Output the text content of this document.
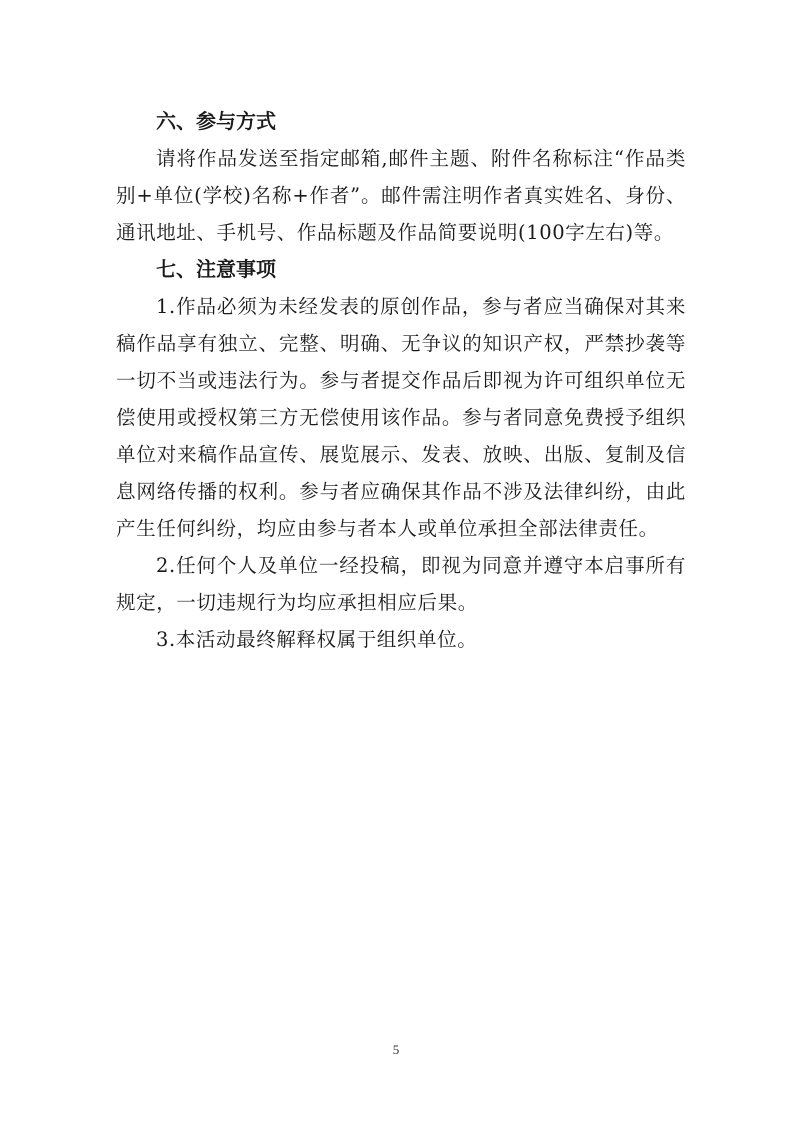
六、参与方式

请将作品发送至指定邮箱,邮件主题、附件名称标注“作品类别+单位(学校)名称+作者”。邮件需注明作者真实姓名、身份、通讯地址、手机号、作品标题及作品简要说明(100字左右)等。

七、注意事项

1.作品必须为未经发表的原创作品，参与者应当确保对其来稿作品享有独立、完整、明确、无争议的知识产权，严禁抄袭等一切不当或违法行为。参与者提交作品后即视为许可组织单位无偿使用或授权第三方无偿使用该作品。参与者同意免费授予组织单位对来稿作品宣传、展览展示、发表、放映、出版、复制及信息网络传播的权利。参与者应确保其作品不涉及法律纠纷，由此产生任何纠纷，均应由参与者本人或单位承担全部法律责任。

2.任何个人及单位一经投稿，即视为同意并遵守本启事所有规定，一切违规行为均应承担相应后果。

3.本活动最终解释权属于组织单位。

5
